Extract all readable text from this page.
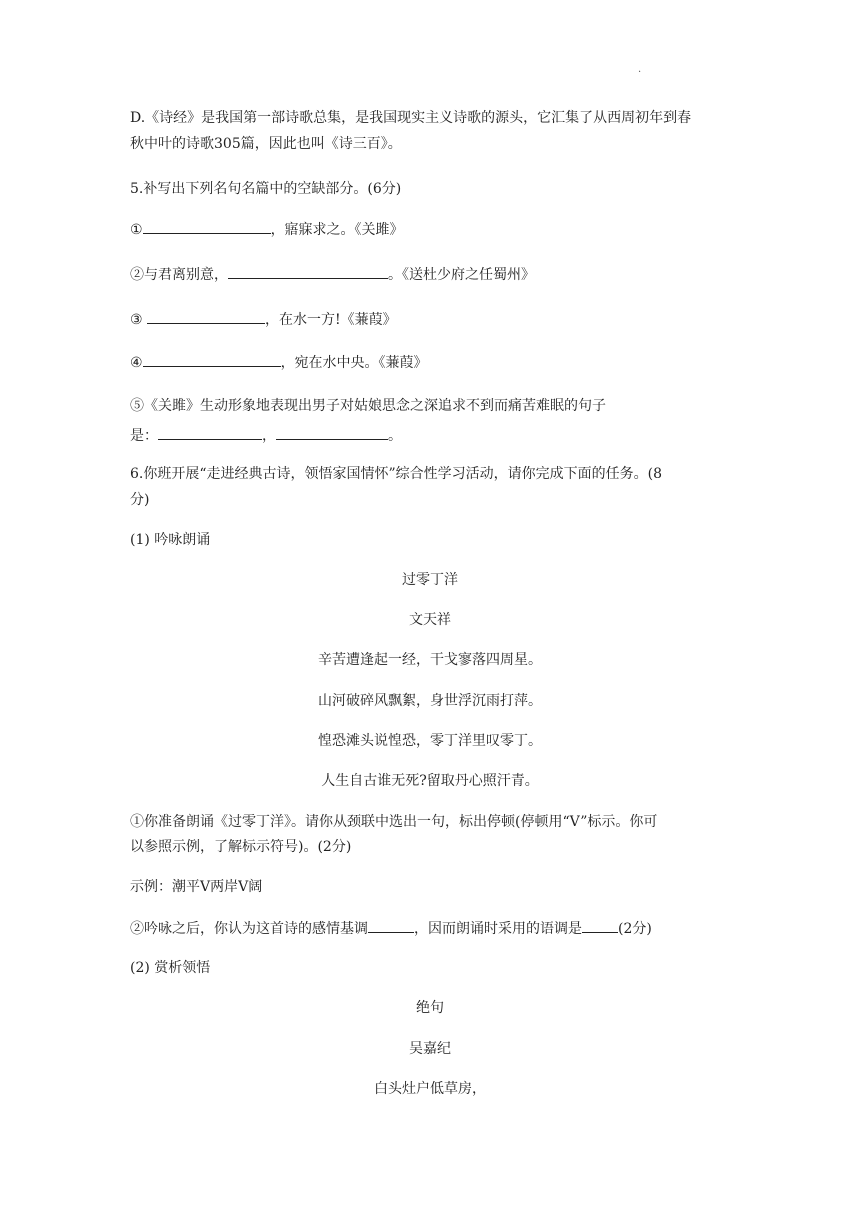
.
D.《诗经》是我国第一部诗歌总集，是我国现实主义诗歌的源头，它汇集了从西周初年到春
秋中叶的诗歌305篇，因此也叫《诗三百》。
5.补写出下列名句名篇中的空缺部分。(6分)
①	，寤寐求之。《关雎》
②与君离别意，	。《送杜少府之任蜀州》
③	，在水一方!《蒹葭》
④	，宛在水中央。《蒹葭》
⑤《关雎》生动形象地表现出男子对姑娘思念之深追求不到而痛苦难眠的句子
是：	，	。
6.你班开展“走进经典古诗，领悟家国情怀”综合性学习活动，请你完成下面的任务。(8
分)
(1) 吟咏朗诵
过零丁洋
文天祥
辛苦遭逢起一经，干戈寥落四周星。
山河破碎风飘絮，身世浮沉雨打萍。
惶恐滩头说惶恐，零丁洋里叹零丁。
人生自古谁无死?留取丹心照汗青。
①你准备朗诵《过零丁洋》。请你从颈联中选出一句，标出停顿(停顿用“V”标示。你可
以参照示例，了解标示符号)。(2分)
示例：潮平V两岸V阔
②吟咏之后，你认为这首诗的感情基调	，因而朗诵时采用的语调是	(2分)
(2) 赏析领悟
绝句
吴嘉纪
白头灶户低草房，
